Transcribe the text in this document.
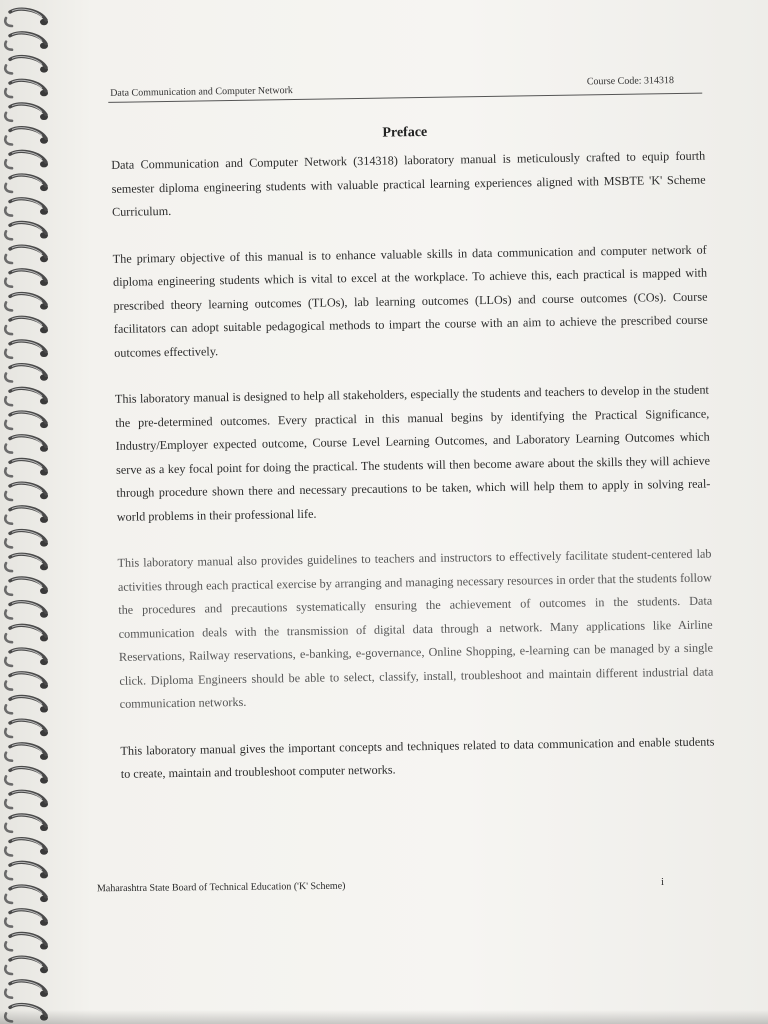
Data Communication and Computer Network
Course Code: 314318
Preface

Data Communication and Computer Network (314318) laboratory manual is meticulously crafted to equip fourth semester diploma engineering students with valuable practical learning experiences aligned with MSBTE 'K' Scheme Curriculum.

The primary objective of this manual is to enhance valuable skills in data communication and computer network of diploma engineering students which is vital to excel at the workplace. To achieve this, each practical is mapped with prescribed theory learning outcomes (TLOs), lab learning outcomes (LLOs) and course outcomes (COs). Course facilitators can adopt suitable pedagogical methods to impart the course with an aim to achieve the prescribed course outcomes effectively.

This laboratory manual is designed to help all stakeholders, especially the students and teachers to develop in the student the pre-determined outcomes. Every practical in this manual begins by identifying the Practical Significance, Industry/Employer expected outcome, Course Level Learning Outcomes, and Laboratory Learning Outcomes which serve as a key focal point for doing the practical. The students will then become aware about the skills they will achieve through procedure shown there and necessary precautions to be taken, which will help them to apply in solving real-world problems in their professional life.

This laboratory manual also provides guidelines to teachers and instructors to effectively facilitate student-centered lab activities through each practical exercise by arranging and managing necessary resources in order that the students follow the procedures and precautions systematically ensuring the achievement of outcomes in the students. Data communication deals with the transmission of digital data through a network. Many applications like Airline Reservations, Railway reservations, e-banking, e-governance, Online Shopping, e-learning can be managed by a single click. Diploma Engineers should be able to select, classify, install, troubleshoot and maintain different industrial data communication networks.

This laboratory manual gives the important concepts and techniques related to data communication and enable students to create, maintain and troubleshoot computer networks.

Maharashtra State Board of Technical Education ('K' Scheme)	i
